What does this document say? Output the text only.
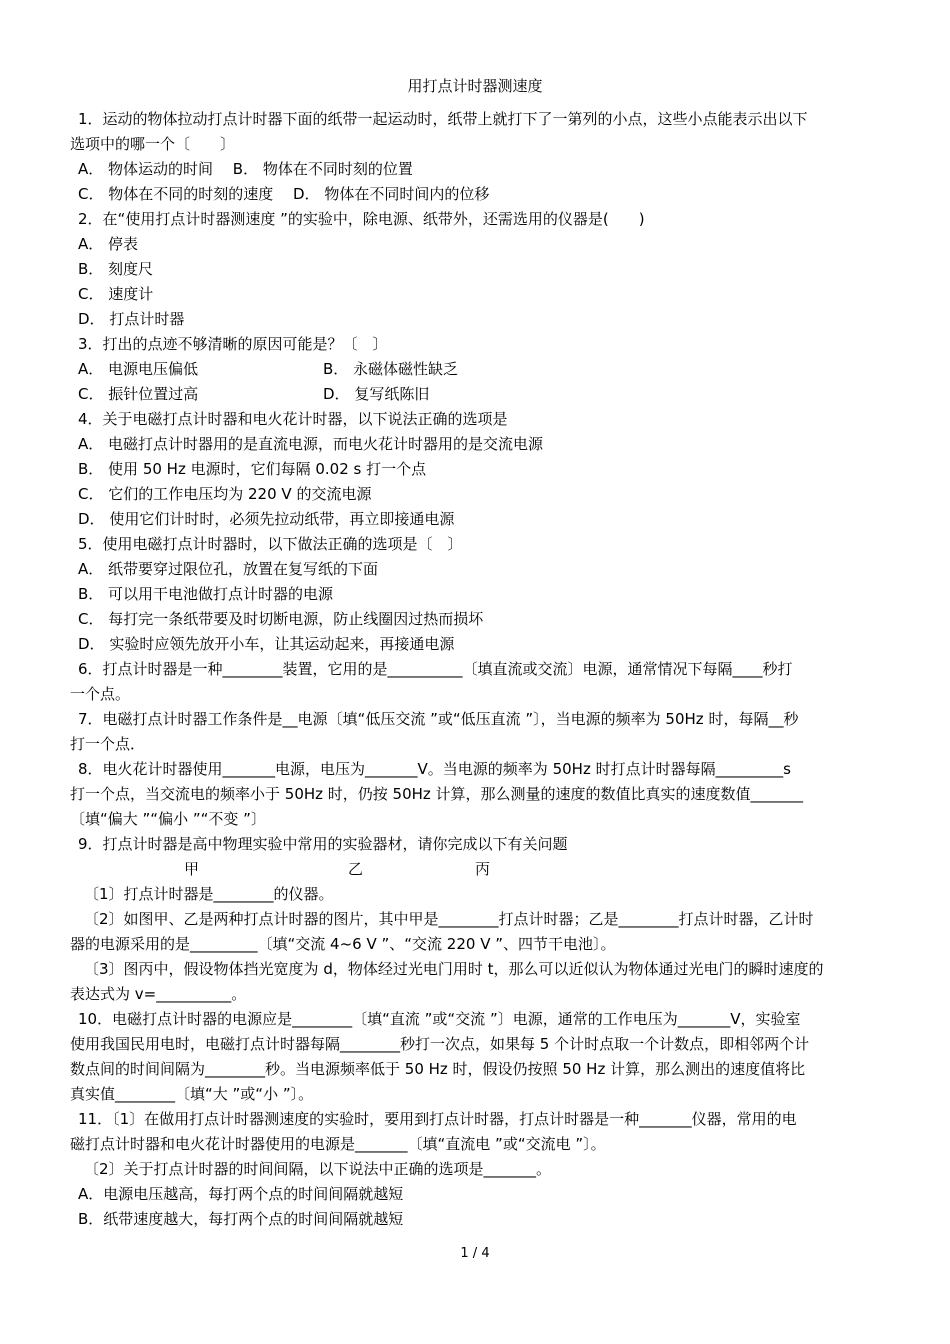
用打点计时器测速度
1．运动的物体拉动打点计时器下面的纸带一起运动时，纸带上就打下了一第列的小点，这些小点能表示出以下
选项中的哪一个〔　　〕
A． 物体运动的时间　 B． 物体在不同时刻的位置
C． 物体在不同的时刻的速度　 D． 物体在不同时间内的位移
2．在“使用打点计时器测速度 ”的实验中，除电源、纸带外，还需选用的仪器是(　　)
A． 停表
B． 刻度尺
C． 速度计
D． 打点计时器
3．打出的点迹不够清晰的原因可能是？〔　〕
A． 电源电压偏低	B． 永磁体磁性缺乏
C． 振针位置过高	D． 复写纸陈旧
4．关于电磁打点计时器和电火花计时器，以下说法正确的选项是
A． 电磁打点计时器用的是直流电源，而电火花计时器用的是交流电源
B． 使用 50 Hz 电源时，它们每隔 0.02 s 打一个点
C． 它们的工作电压均为 220 V 的交流电源
D． 使用它们计时时，必须先拉动纸带，再立即接通电源
5．使用电磁打点计时器时，以下做法正确的选项是〔　〕
A． 纸带要穿过限位孔，放置在复写纸的下面
B． 可以用干电池做打点计时器的电源
C． 每打完一条纸带要及时切断电源，防止线圈因过热而损坏
D． 实验时应领先放开小车，让其运动起来，再接通电源
6．打点计时器是一种________装置，它用的是__________〔填直流或交流〕电源，通常情况下每隔____秒打
一个点。
7．电磁打点计时器工作条件是__电源〔填“低压交流 ”或“低压直流 ”〕，当电源的频率为 50Hz 时，每隔__秒
打一个点．
8．电火花计时器使用_______电源，电压为_______V。当电源的频率为 50Hz 时打点计时器每隔_________s
打一个点，当交流电的频率小于 50Hz 时，仍按 50Hz 计算，那么测量的速度的数值比真实的速度数值_______
〔填“偏大 ”“偏小 ”“不变 ”〕
9．打点计时器是高中物理实验中常用的实验器材，请你完成以下有关问题
甲	乙	丙
〔1〕打点计时器是________的仪器。
〔2〕如图甲、乙是两种打点计时器的图片，其中甲是________打点计时器；乙是________打点计时器，乙计时
器的电源采用的是_________〔填“交流 4~6 V ”、“交流 220 V ”、四节干电池〕。
〔3〕图丙中，假设物体挡光宽度为 d，物体经过光电门用时 t，那么可以近似认为物体通过光电门的瞬时速度的
表达式为 v=__________。
10．电磁打点计时器的电源应是________〔填“直流 ”或“交流 ”〕电源，通常的工作电压为_______V，实验室
使用我国民用电时，电磁打点计时器每隔________秒打一次点，如果每 5 个计时点取一个计数点，即相邻两个计
数点间的时间间隔为________秒。当电源频率低于 50 Hz 时，假设仍按照 50 Hz 计算，那么测出的速度值将比
真实值________〔填“大 ”或“小 ”〕。
11．〔1〕在做用打点计时器测速度的实验时，要用到打点计时器，打点计时器是一种_______仪器，常用的电
磁打点计时器和电火花计时器使用的电源是_______〔填“直流电 ”或“交流电 ”〕。
〔2〕关于打点计时器的时间间隔，以下说法中正确的选项是_______。
A．电源电压越高，每打两个点的时间间隔就越短
B．纸带速度越大，每打两个点的时间间隔就越短
1 / 4
